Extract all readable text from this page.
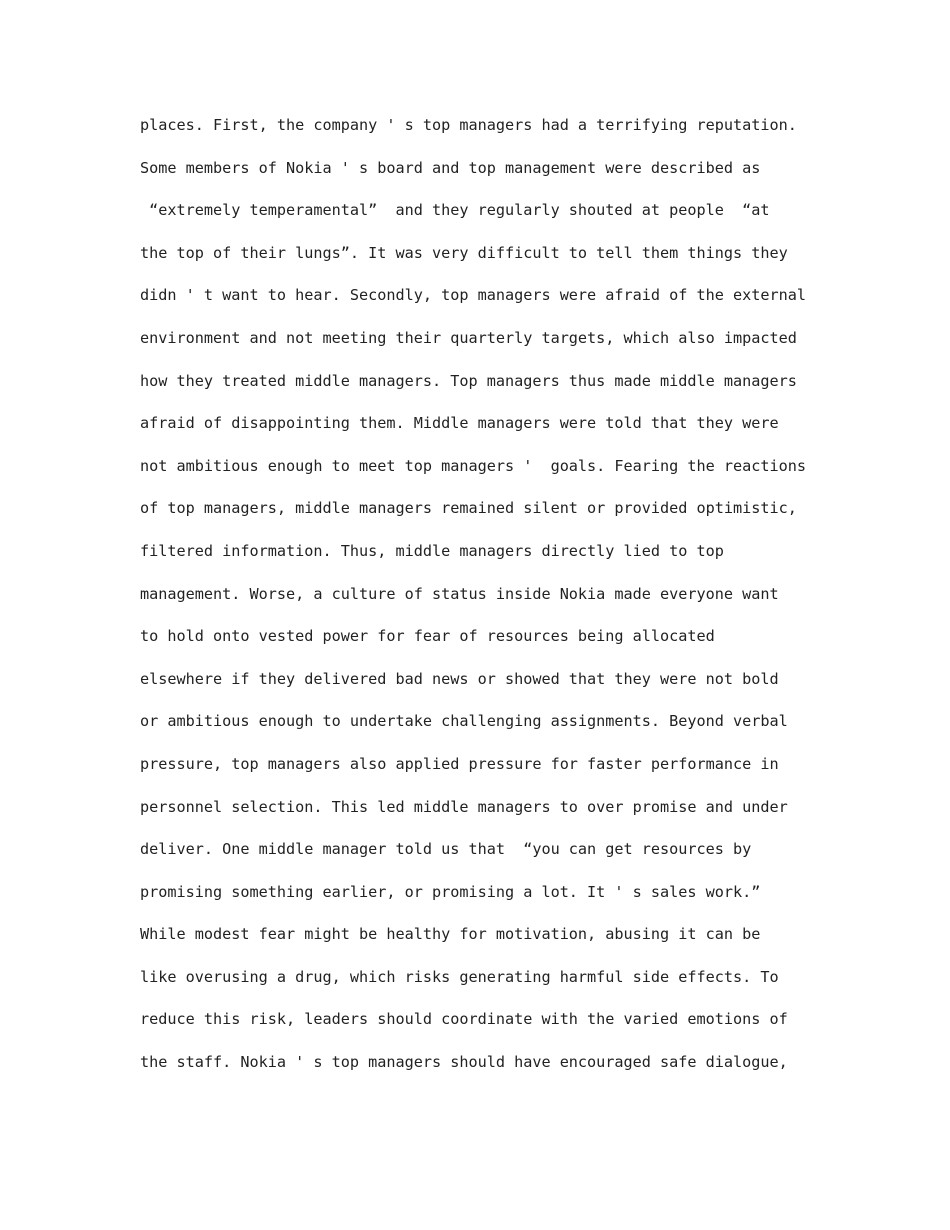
places. First, the company ' s top managers had a terrifying reputation.
Some members of Nokia ' s board and top management were described as
“extremely temperamental”  and they regularly shouted at people  “at
the top of their lungs”. It was very difficult to tell them things they
didn ' t want to hear. Secondly, top managers were afraid of the external
environment and not meeting their quarterly targets, which also impacted
how they treated middle managers. Top managers thus made middle managers
afraid of disappointing them. Middle managers were told that they were
not ambitious enough to meet top managers '  goals. Fearing the reactions
of top managers, middle managers remained silent or provided optimistic,
filtered information. Thus, middle managers directly lied to top
management. Worse, a culture of status inside Nokia made everyone want
to hold onto vested power for fear of resources being allocated
elsewhere if they delivered bad news or showed that they were not bold
or ambitious enough to undertake challenging assignments. Beyond verbal
pressure, top managers also applied pressure for faster performance in
personnel selection. This led middle managers to over promise and under
deliver. One middle manager told us that  “you can get resources by
promising something earlier, or promising a lot. It ' s sales work.”
While modest fear might be healthy for motivation, abusing it can be
like overusing a drug, which risks generating harmful side effects. To
reduce this risk, leaders should coordinate with the varied emotions of
the staff. Nokia ' s top managers should have encouraged safe dialogue,
